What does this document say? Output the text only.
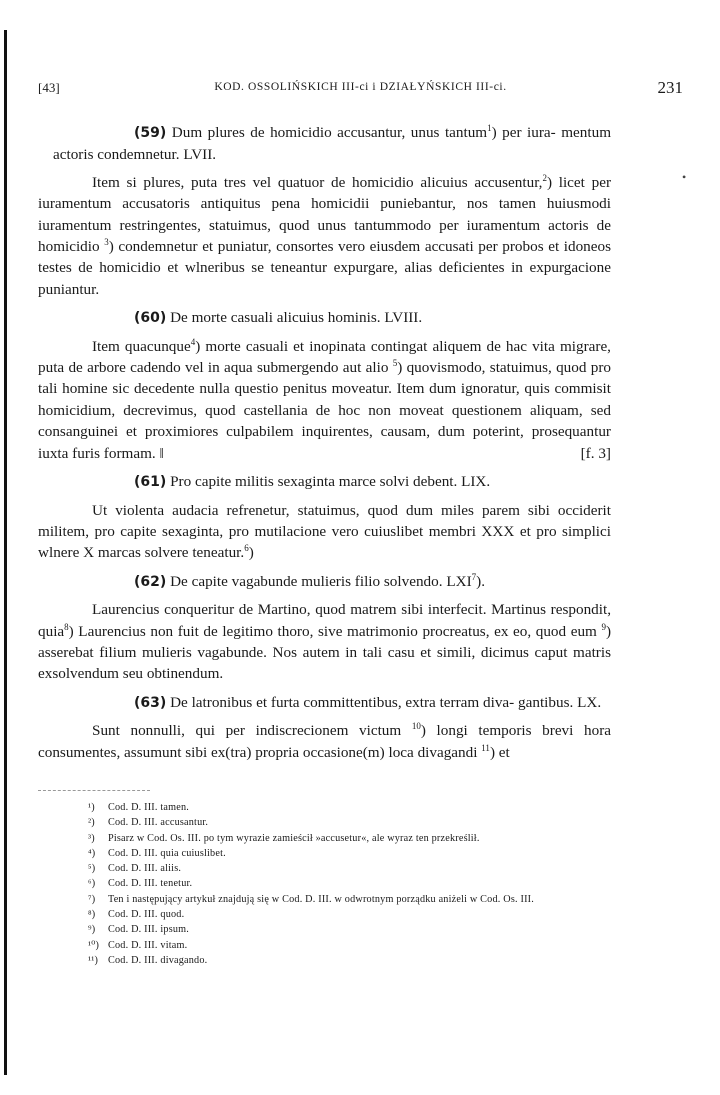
•
[43]	KOD. OSSOLIŃSKICH III-ci i DZIAŁYŃSKICH III-ci.	231

(59) Dum plures de homicidio accusantur, unus tantum$^1$) per iura- mentum actoris condemnetur. LVII.

Item si plures, puta tres vel quatuor de homicidio alicuius accusentur,$^2$) licet per iuramentum accusatoris antiquitus pena homicidii puniebantur, nos tamen huiusmodi iuramentum restringentes, statuimus, quod unus tantummodo per iuramentum actoris de homicidio $^3$) condemnetur et puniatur, consortes vero eiusdem accusati per probos et idoneos testes de homicidio et wlneribus se teneantur expurgare, alias deficientes in expurgacione puniantur.

(60) De morte casuali alicuius hominis. LVIII.

Item quacunque$^4$) morte casuali et inopinata contingat aliquem de hac vita migrare, puta de arbore cadendo vel in aqua submergendo aut alio $^5$) quovismodo, statuimus, quod pro tali homine sic decedente nulla questio penitus moveatur. Item dum ignoratur, quis commisit homicidium, decrevimus, quod castellania de hoc non moveat questionem aliquam, sed consanguinei et proximiores culpabilem inquirentes, causam, dum poterint, prosequantur iuxta furis formam. ‖	[f. 3]

(61) Pro capite militis sexaginta marce solvi debent. LIX.

Ut violenta audacia refrenetur, statuimus, quod dum miles parem sibi occiderit militem, pro capite sexaginta, pro mutilacione vero cuiuslibet membri XXX et pro simplici wlnere X marcas solvere teneatur.$^6$)

(62) De capite vagabunde mulieris filio solvendo. LXI$^7$).

Laurencius conqueritur de Martino, quod matrem sibi interfecit. Martinus respondit, quia$^8$) Laurencius non fuit de legitimo thoro, sive matrimonio procreatus, ex eo, quod eum $^9$) asserebat filium mulieris vagabunde. Nos autem in tali casu et simili, dicimus caput matris exsolvendum seu obtinendum.

(63) De latronibus et furta committentibus, extra terram diva- gantibus. LX.

Sunt nonnulli, qui per indiscrecionem victum $^{10}$) longi temporis brevi hora consumentes, assumunt sibi ex(tra) propria occasione(m) loca divagandi $^{11}$) et

¹) Cod. D. III. tamen.
²) Cod. D. III. accusantur.
³) Pisarz w Cod. Os. III. po tym wyrazie zamieścił »accusetur«, ale wyraz ten przekreślił.
⁴) Cod. D. III. quia cuiuslibet.
⁵) Cod. D. III. aliis.
⁶) Cod. D. III. tenetur.
⁷) Ten i następujący artykuł znajdują się w Cod. D. III. w odwrotnym porządku aniżeli w Cod. Os. III.
⁸) Cod. D. III. quod.
⁹) Cod. D. III. ipsum.
¹⁰) Cod. D. III. vitam.
¹¹) Cod. D. III. divagando.
